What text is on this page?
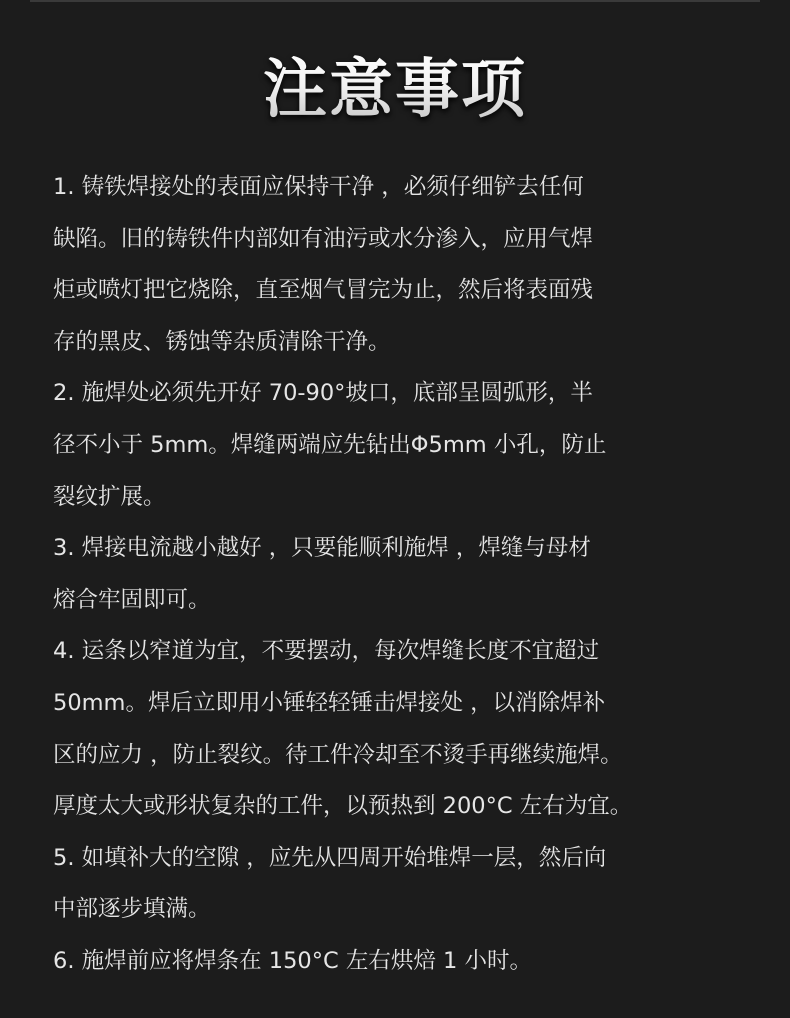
注意事项
1. 铸铁焊接处的表面应保持干净 ，必须仔细铲去任何
缺陷。旧的铸铁件内部如有油污或水分渗入，应用气焊
炬或喷灯把它烧除，直至烟气冒完为止，然后将表面残
存的黑皮、锈蚀等杂质清除干净。
2. 施焊处必须先开好 70-90°坡口，底部呈圆弧形，半
径不小于 5mm。焊缝两端应先钻出Φ5mm 小孔，防止
裂纹扩展。
3. 焊接电流越小越好 ，只要能顺利施焊 ，焊缝与母材
熔合牢固即可。
4. 运条以窄道为宜，不要摆动，每次焊缝长度不宜超过
50mm。焊后立即用小锤轻轻锤击焊接处 ，以消除焊补
区的应力 ，防止裂纹。待工件冷却至不烫手再继续施焊。
厚度太大或形状复杂的工件，以预热到 200°C 左右为宜。
5. 如填补大的空隙 ，应先从四周开始堆焊一层，然后向
中部逐步填满。
6. 施焊前应将焊条在 150°C 左右烘焙 1 小时。
